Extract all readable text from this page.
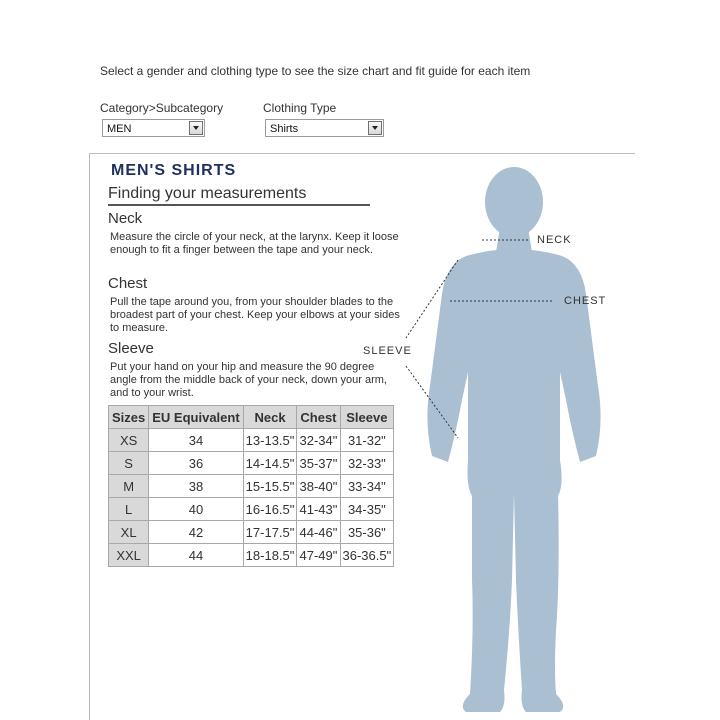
Select a gender and clothing type to see the size chart and fit guide for each item
Category>Subcategory
MEN
Clothing Type
Shirts
MEN'S SHIRTS
Finding your measurements
Neck

Measure the circle of your neck, at the larynx. Keep it loose enough to fit a finger between the tape and your neck.

Chest

Pull the tape around you, from your shoulder blades to the broadest part of your chest. Keep your elbows at your sides to measure.

Sleeve

Put your hand on your hip and measure the 90 degree angle from the middle back of your neck, down your arm, and to your wrist.

Sizes	EU Equivalent	Neck	Chest	Sleeve
XS	34	13-13.5"	32-34"	31-32"
S	36	14-14.5"	35-37"	32-33"
M	38	15-15.5"	38-40"	33-34"
L	40	16-16.5"	41-43"	34-35"
XL	42	17-17.5"	44-46"	35-36"
XXL	44	18-18.5"	47-49"	36-36.5"
NECK
CHEST
SLEEVE
